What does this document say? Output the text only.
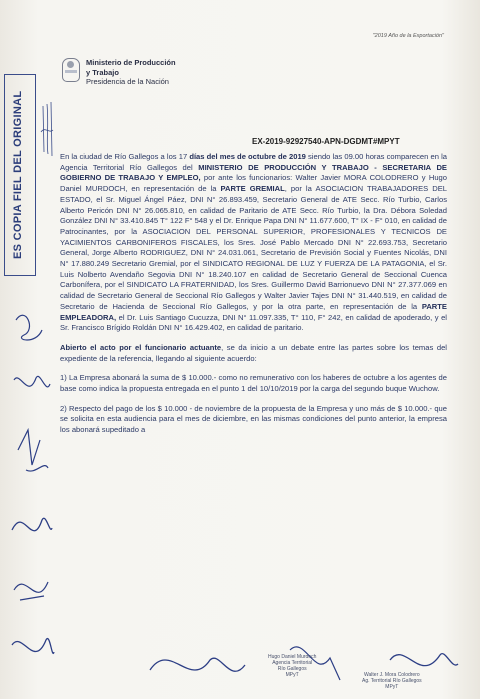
"2019 Año de la Exportación"
Ministerio de Producción
y Trabajo
Presidencia de la Nación
ES COPIA FIEL DEL ORIGINAL	EX-2019-92927540-APN-DGDMT#MPYT

En la ciudad de Río Gallegos a los 17 días del mes de octubre de 2019 siendo las 09.00 horas comparecen en la Agencia Territorial Río Gallegos del MINISTERIO DE PRODUCCIÓN Y TRABAJO - SECRETARIA DE GOBIERNO DE TRABAJO Y EMPLEO, por ante los funcionarios: Walter Javier MORA COLODRERO y Hugo Daniel MURDOCH, en representación de la PARTE GREMIAL, por la ASOCIACION TRABAJADORES DEL ESTADO, el Sr. Miguel Ángel Páez, DNI N° 26.893.459, Secretario General de ATE Secc. Río Turbio, Carlos Alberto Pericón DNI N° 26.065.810, en calidad de Paritario de ATE Secc. Río Turbio, la Dra. Débora Soledad González DNI N° 33.410.845 T° 122 F° 548 y el Dr. Enrique Papa DNI N° 11.677.600, T° IX - F° 010, en calidad de Patrocinantes, por la ASOCIACION DEL PERSONAL SUPERIOR, PROFESIONALES Y TECNICOS DE YACIMIENTOS CARBONIFEROS FISCALES, los Sres. José Pablo Mercado DNI N° 22.693.753, Secretario General, Jorge Alberto RODRIGUEZ, DNI N° 24.031.061, Secretario de Previsión Social y Fuentes Nicolás, DNI N° 17.880.249 Secretario Gremial, por el SINDICATO REGIONAL DE LUZ Y FUERZA DE LA PATAGONIA, el Sr. Luis Nolberto Avendaño Segovia DNI N° 18.240.107 en calidad de Secretario General de Seccional Cuenca Carbonífera, por el SINDICATO LA FRATERNIDAD, los Sres. Guillermo David Barrionuevo DNI N° 27.377.069 en calidad de Secretario General de Seccional Río Gallegos y Walter Javier Tajes DNI N° 31.440.519, en calidad de Secretario de Hacienda de Seccional Río Gallegos, y por la otra parte, en representación de la PARTE EMPLEADORA, el Dr. Luis Santiago Cucuzza, DNI N° 11.097.335, T° 110, F° 242, en calidad de apoderado, y el Sr. Francisco Brígido Roldán DNI N° 16.429.402, en calidad de paritario.

Abierto el acto por el funcionario actuante, se da inicio a un debate entre las partes sobre los temas del expediente de la referencia, llegando al siguiente acuerdo:

1) La Empresa abonará la suma de $ 10.000.- como no remunerativo con los haberes de octubre a los agentes de base como indica la propuesta entregada en el punto 1 del 10/10/2019 por la carga del segundo buque Wuchow.

2) Respecto del pago de los $ 10.000 - de noviembre de la propuesta de la Empresa y uno más de $ 10.000.- que se solicita en esta audiencia para el mes de diciembre, en las mismas condiciones del punto anterior, la empresa los abonará supeditado a

Hugo Daniel Murdoch
Agencia Territorial
Río Gallegos
MPyT	Walter J. Mora Colodrero
Ag. Territorial Río Gallegos
MPyT
